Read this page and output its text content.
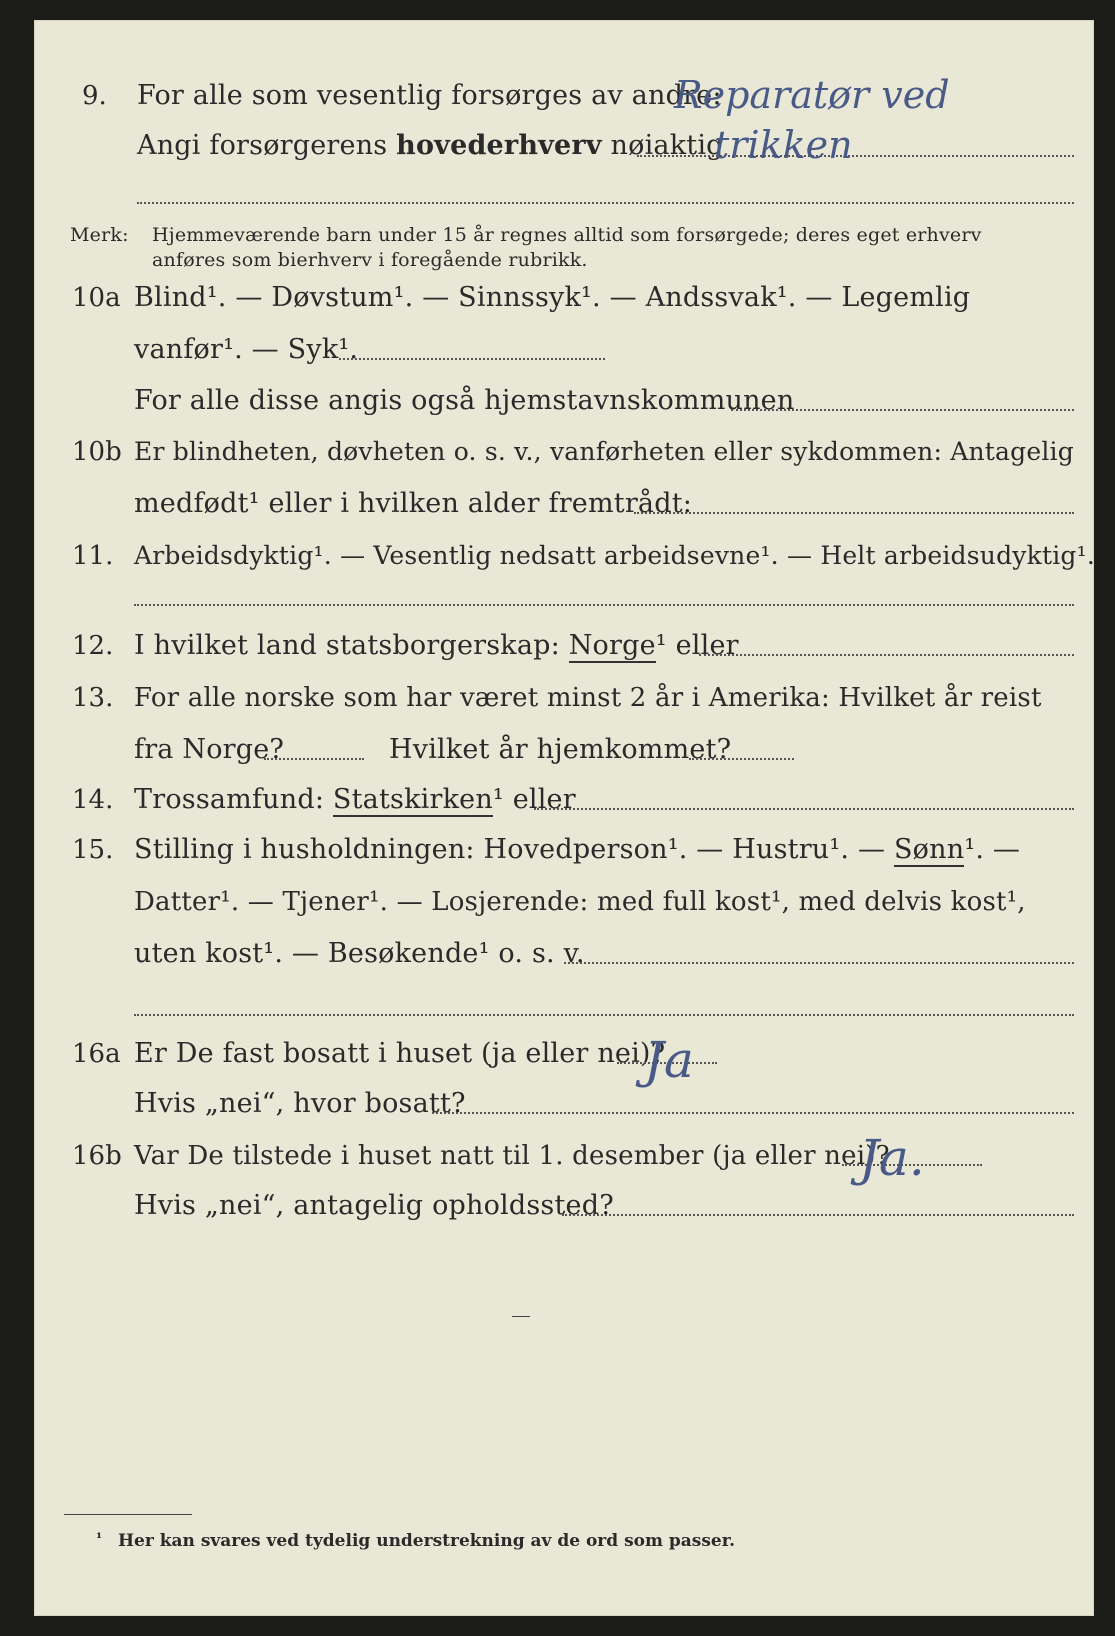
9. For alle som vesentlig forsørges av andre:
Reparatør ved
Angi forsørgerens hovederhverv nøiaktig
trikken
Merk: Hjemmeværende barn under 15 år regnes alltid som forsørgede; deres eget erhverv
anføres som bierhverv i foregående rubrikk.
10a Blind¹. — Døvstum¹. — Sinnssyk¹. — Andssvak¹. — Legemlig
vanfør¹. — Syk¹.
For alle disse angis også hjemstavnskommunen
10b Er blindheten, døvheten o. s. v., vanførheten eller sykdommen: Antagelig
medfødt¹ eller i hvilken alder fremtrådt:
11. Arbeidsdyktig¹. — Vesentlig nedsatt arbeidsevne¹. — Helt arbeidsudyktig¹.
12. I hvilket land statsborgerskap: Norge¹ eller
13. For alle norske som har været minst 2 år i Amerika: Hvilket år reist
fra Norge?	Hvilket år hjemkommet?
14. Trossamfund: Statskirken¹ eller
15. Stilling i husholdningen: Hovedperson¹. — Hustru¹. — Sønn¹. —
Datter¹. — Tjener¹. — Losjerende: med full kost¹, med delvis kost¹,
uten kost¹. — Besøkende¹ o. s. v.
16a Er De fast bosatt i huset (ja eller nei)?
Ja
Hvis „nei“, hvor bosatt?
16b Var De tilstede i huset natt til 1. desember (ja eller nei)?
Ja.
Hvis „nei“, antagelig opholdssted?
¹ Her kan svares ved tydelig understrekning av de ord som passer.
